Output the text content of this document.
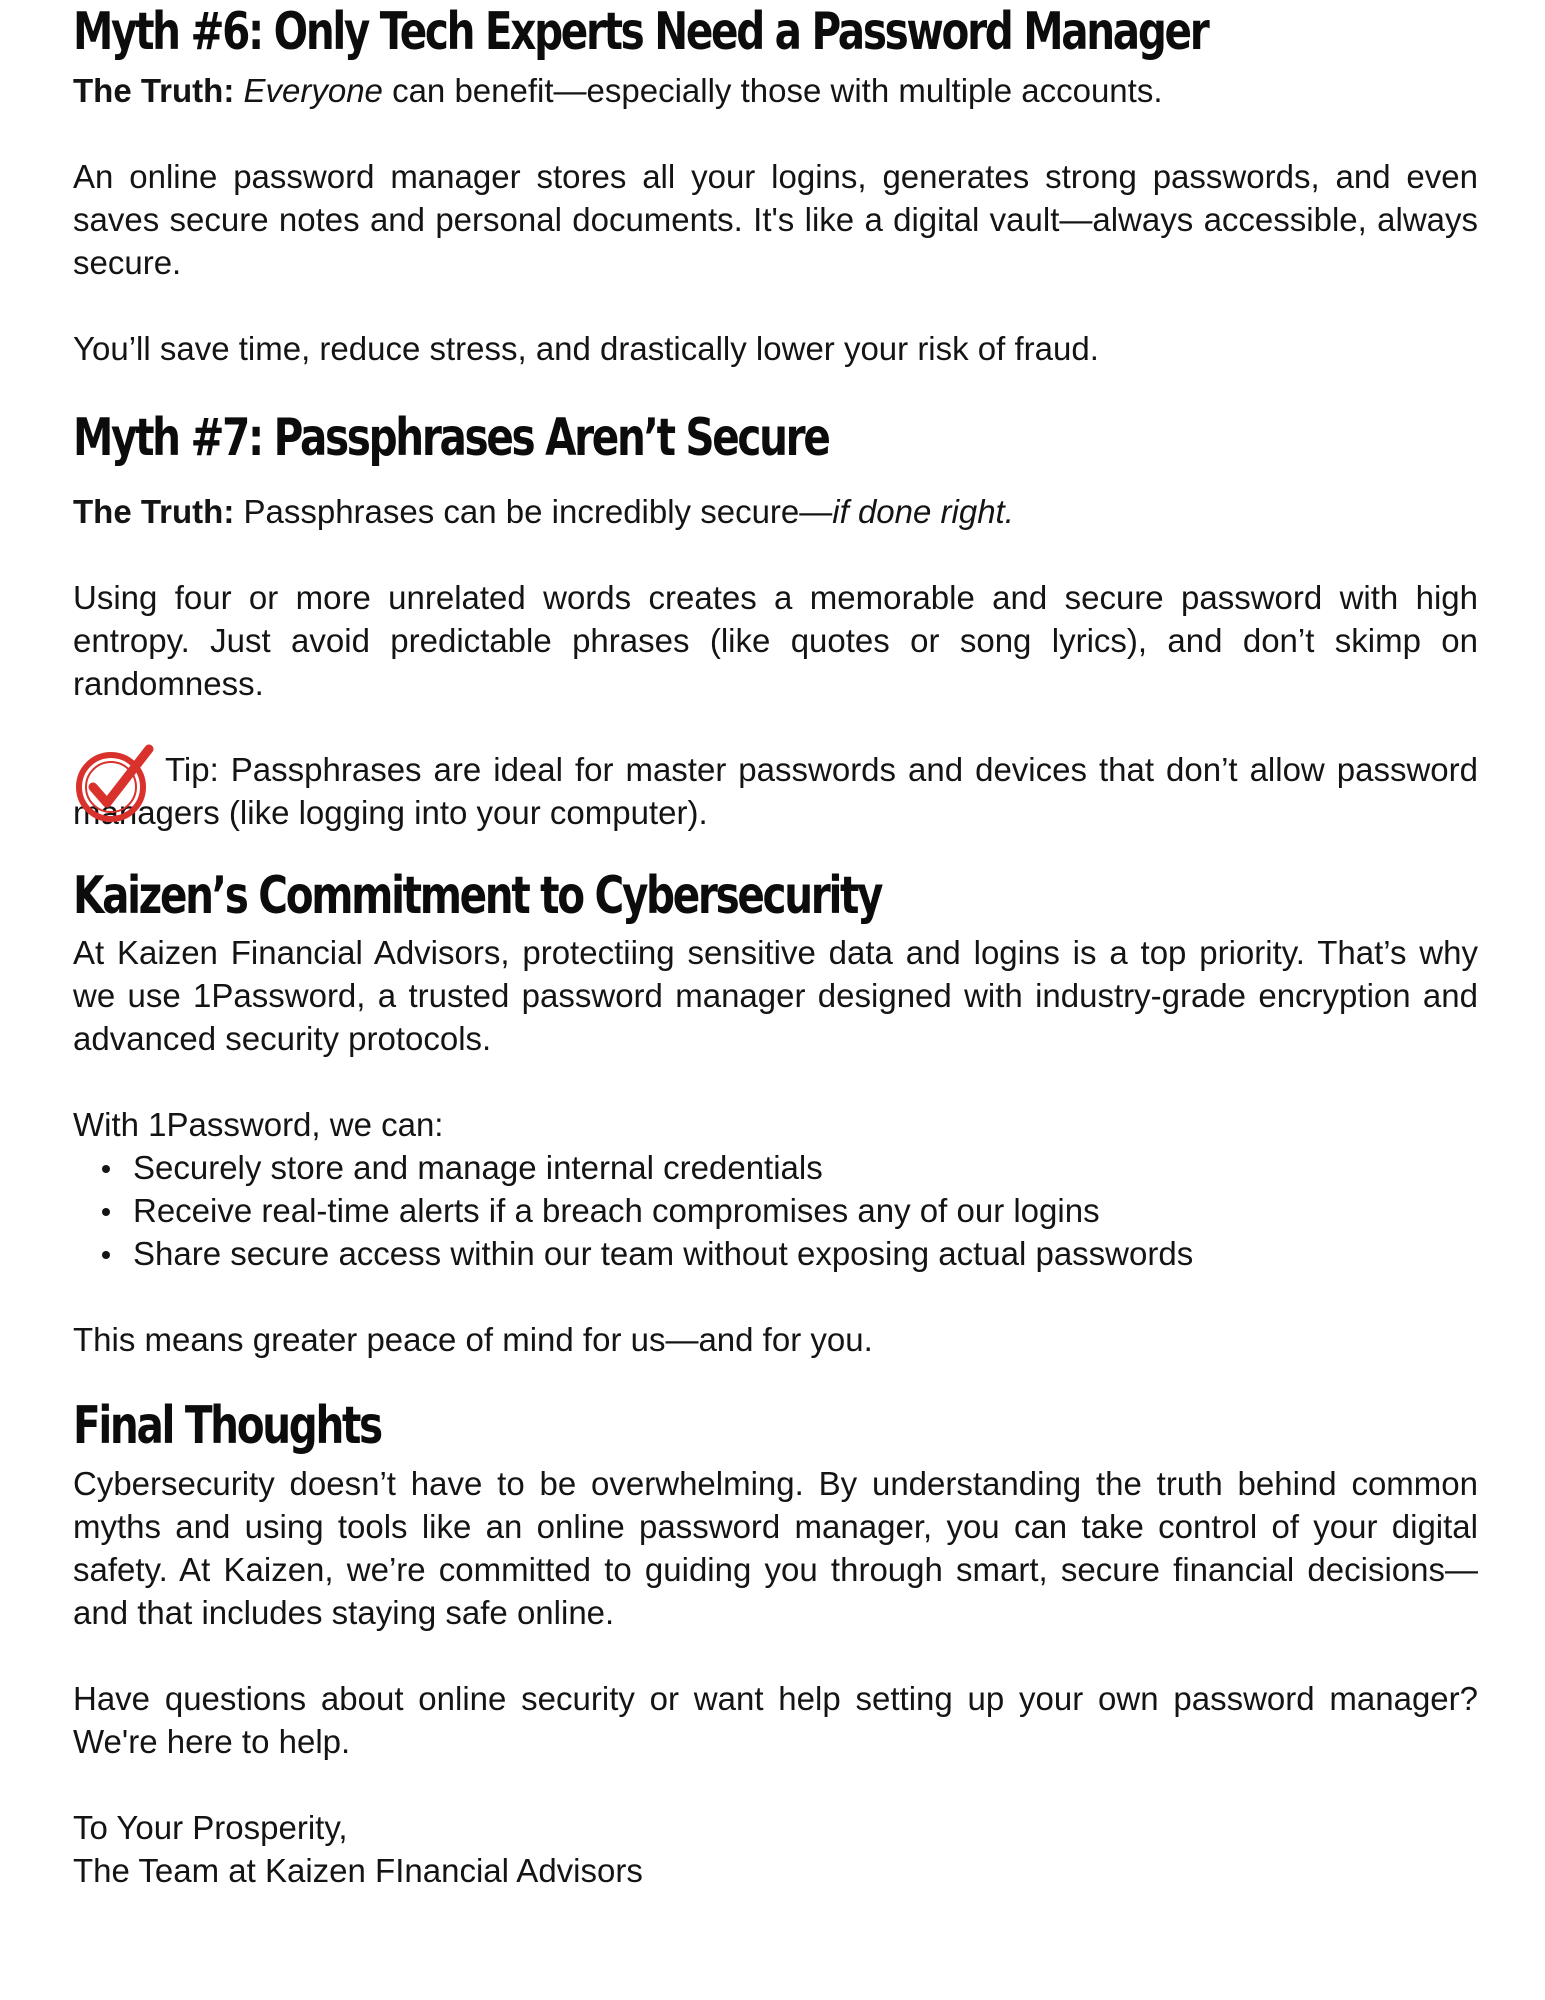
Myth #6: Only Tech Experts Need a Password Manager

The Truth: Everyone can benefit—especially those with multiple accounts.

An online password manager stores all your logins, generates strong passwords, and even saves secure notes and personal documents. It's like a digital vault—always accessible, always secure.

You’ll save time, reduce stress, and drastically lower your risk of fraud.

Myth #7: Passphrases Aren’t Secure

The Truth: Passphrases can be incredibly secure—if done right.

Using four or more unrelated words creates a memorable and secure password with high entropy. Just avoid predictable phrases (like quotes or song lyrics), and don’t skimp on randomness.

Tip: Passphrases are ideal for master passwords and devices that don’t allow password managers (like logging into your computer).

Kaizen’s Commitment to Cybersecurity

At Kaizen Financial Advisors, protectiing sensitive data and logins is a top priority. That’s why we use 1Password, a trusted password manager designed with industry-grade encryption and advanced security protocols.

With 1Password, we can:

Securely store and manage internal credentials
Receive real-time alerts if a breach compromises any of our logins
Share secure access within our team without exposing actual passwords

This means greater peace of mind for us—and for you.

Final Thoughts

Cybersecurity doesn’t have to be overwhelming. By understanding the truth behind common myths and using tools like an online password manager, you can take control of your digital safety. At Kaizen, we’re committed to guiding you through smart, secure financial decisions—and that includes staying safe online.

Have questions about online security or want help setting up your own password manager? We're here to help.

To Your Prosperity,

The Team at Kaizen FInancial Advisors
